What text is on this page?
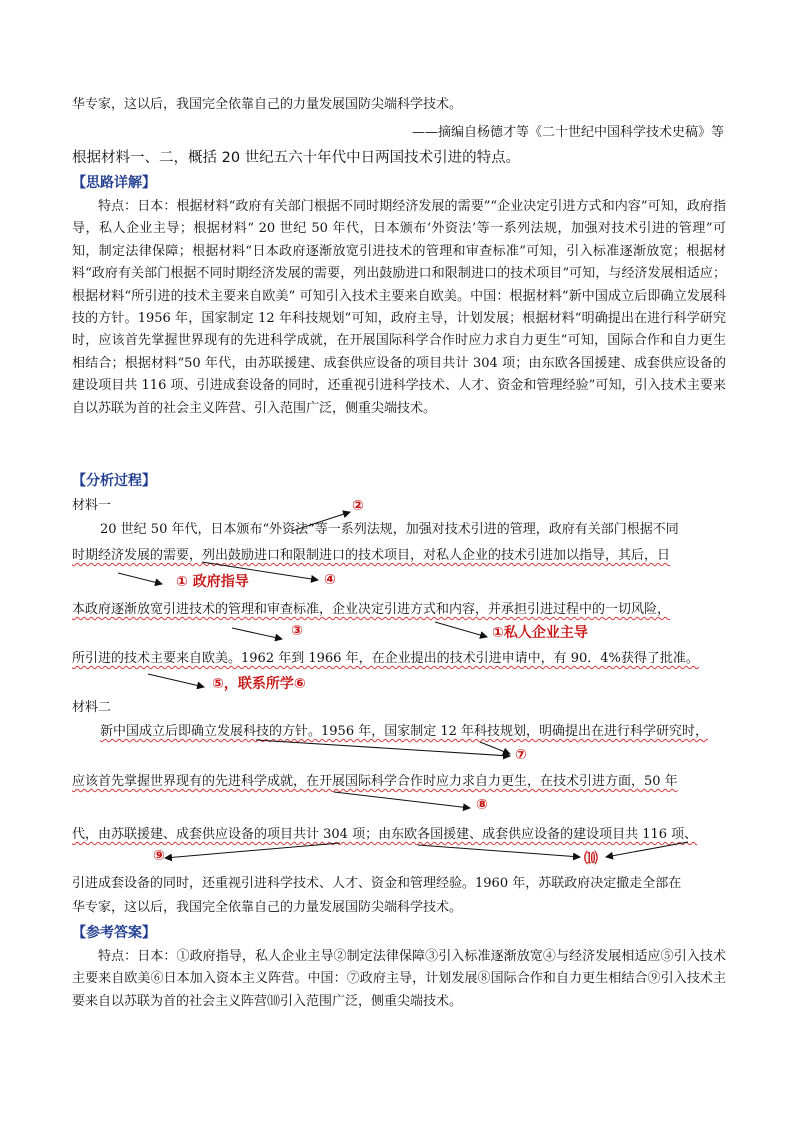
华专家，这以后，我国完全依靠自己的力量发展国防尖端科学技术。
——摘编自杨德才等《二十世纪中国科学技术史稿》等
根据材料一、二，概括 20 世纪五六十年代中日两国技术引进的特点。
【思路详解】
特点：日本：根据材料“政府有关部门根据不同时期经济发展的需要”“企业决定引进方式和内容”可知，政府指导，私人企业主导；根据材料“ 20 世纪 50 年代，日本颁布‘外资法’等一系列法规，加强对技术引进的管理”可知，制定法律保障；根据材料“日本政府逐渐放宽引进技术的管理和审查标准”可知，引入标准逐渐放宽；根据材料“政府有关部门根据不同时期经济发展的需要，列出鼓励进口和限制进口的技术项目”可知，与经济发展相适应；根据材料“所引进的技术主要来自欧美” 可知引入技术主要来自欧美。中国：根据材料“新中国成立后即确立发展科技的方针。1956 年，国家制定 12 年科技规划”可知，政府主导，计划发展；根据材料“明确提出在进行科学研究时，应该首先掌握世界现有的先进科学成就，在开展国际科学合作时应力求自力更生”可知，国际合作和自力更生相结合；根据材料“50 年代，由苏联援建、成套供应设备的项目共计 304 项；由东欧各国援建、成套供应设备的建设项目共 116 项、引进成套设备的同时，还重视引进科学技术、人才、资金和管理经验”可知，引入技术主要来自以苏联为首的社会主义阵营、引入范围广泛，侧重尖端技术。
【分析过程】
材料一
20 世纪 50 年代，日本颁布“外资法”等一系列法规，加强对技术引进的管理，政府有关部门根据不同
时期经济发展的需要，列出鼓励进口和限制进口的技术项目，对私人企业的技术引进加以指导，其后，日
本政府逐渐放宽引进技术的管理和审查标准，企业决定引进方式和内容，并承担引进过程中的一切风险，
所引进的技术主要来自欧美。1962 年到 1966 年，在企业提出的技术引进申请中，有 90．4%获得了批准。
材料二
新中国成立后即确立发展科技的方针。1956 年，国家制定 12 年科技规划，明确提出在进行科学研究时，
应该首先掌握世界现有的先进科学成就，在开展国际科学合作时应力求自力更生，在技术引进方面，50 年
代，由苏联援建、成套供应设备的项目共计 304 项；由东欧各国援建、成套供应设备的建设项目共 116 项、
引进成套设备的同时，还重视引进科学技术、人才、资金和管理经验。1960 年，苏联政府决定撤走全部在
华专家，这以后，我国完全依靠自己的力量发展国防尖端科学技术。
②
① 政府指导	④
③	①私人企业主导
⑤，联系所学⑥
⑦
⑧
⑨	⑽
【参考答案】
特点：日本：①政府指导，私人企业主导②制定法律保障③引入标准逐渐放宽④与经济发展相适应⑤引入技术主要来自欧美⑥日本加入资本主义阵营。中国：⑦政府主导，计划发展⑧国际合作和自力更生相结合⑨引入技术主要来自以苏联为首的社会主义阵营⑽引入范围广泛，侧重尖端技术。
